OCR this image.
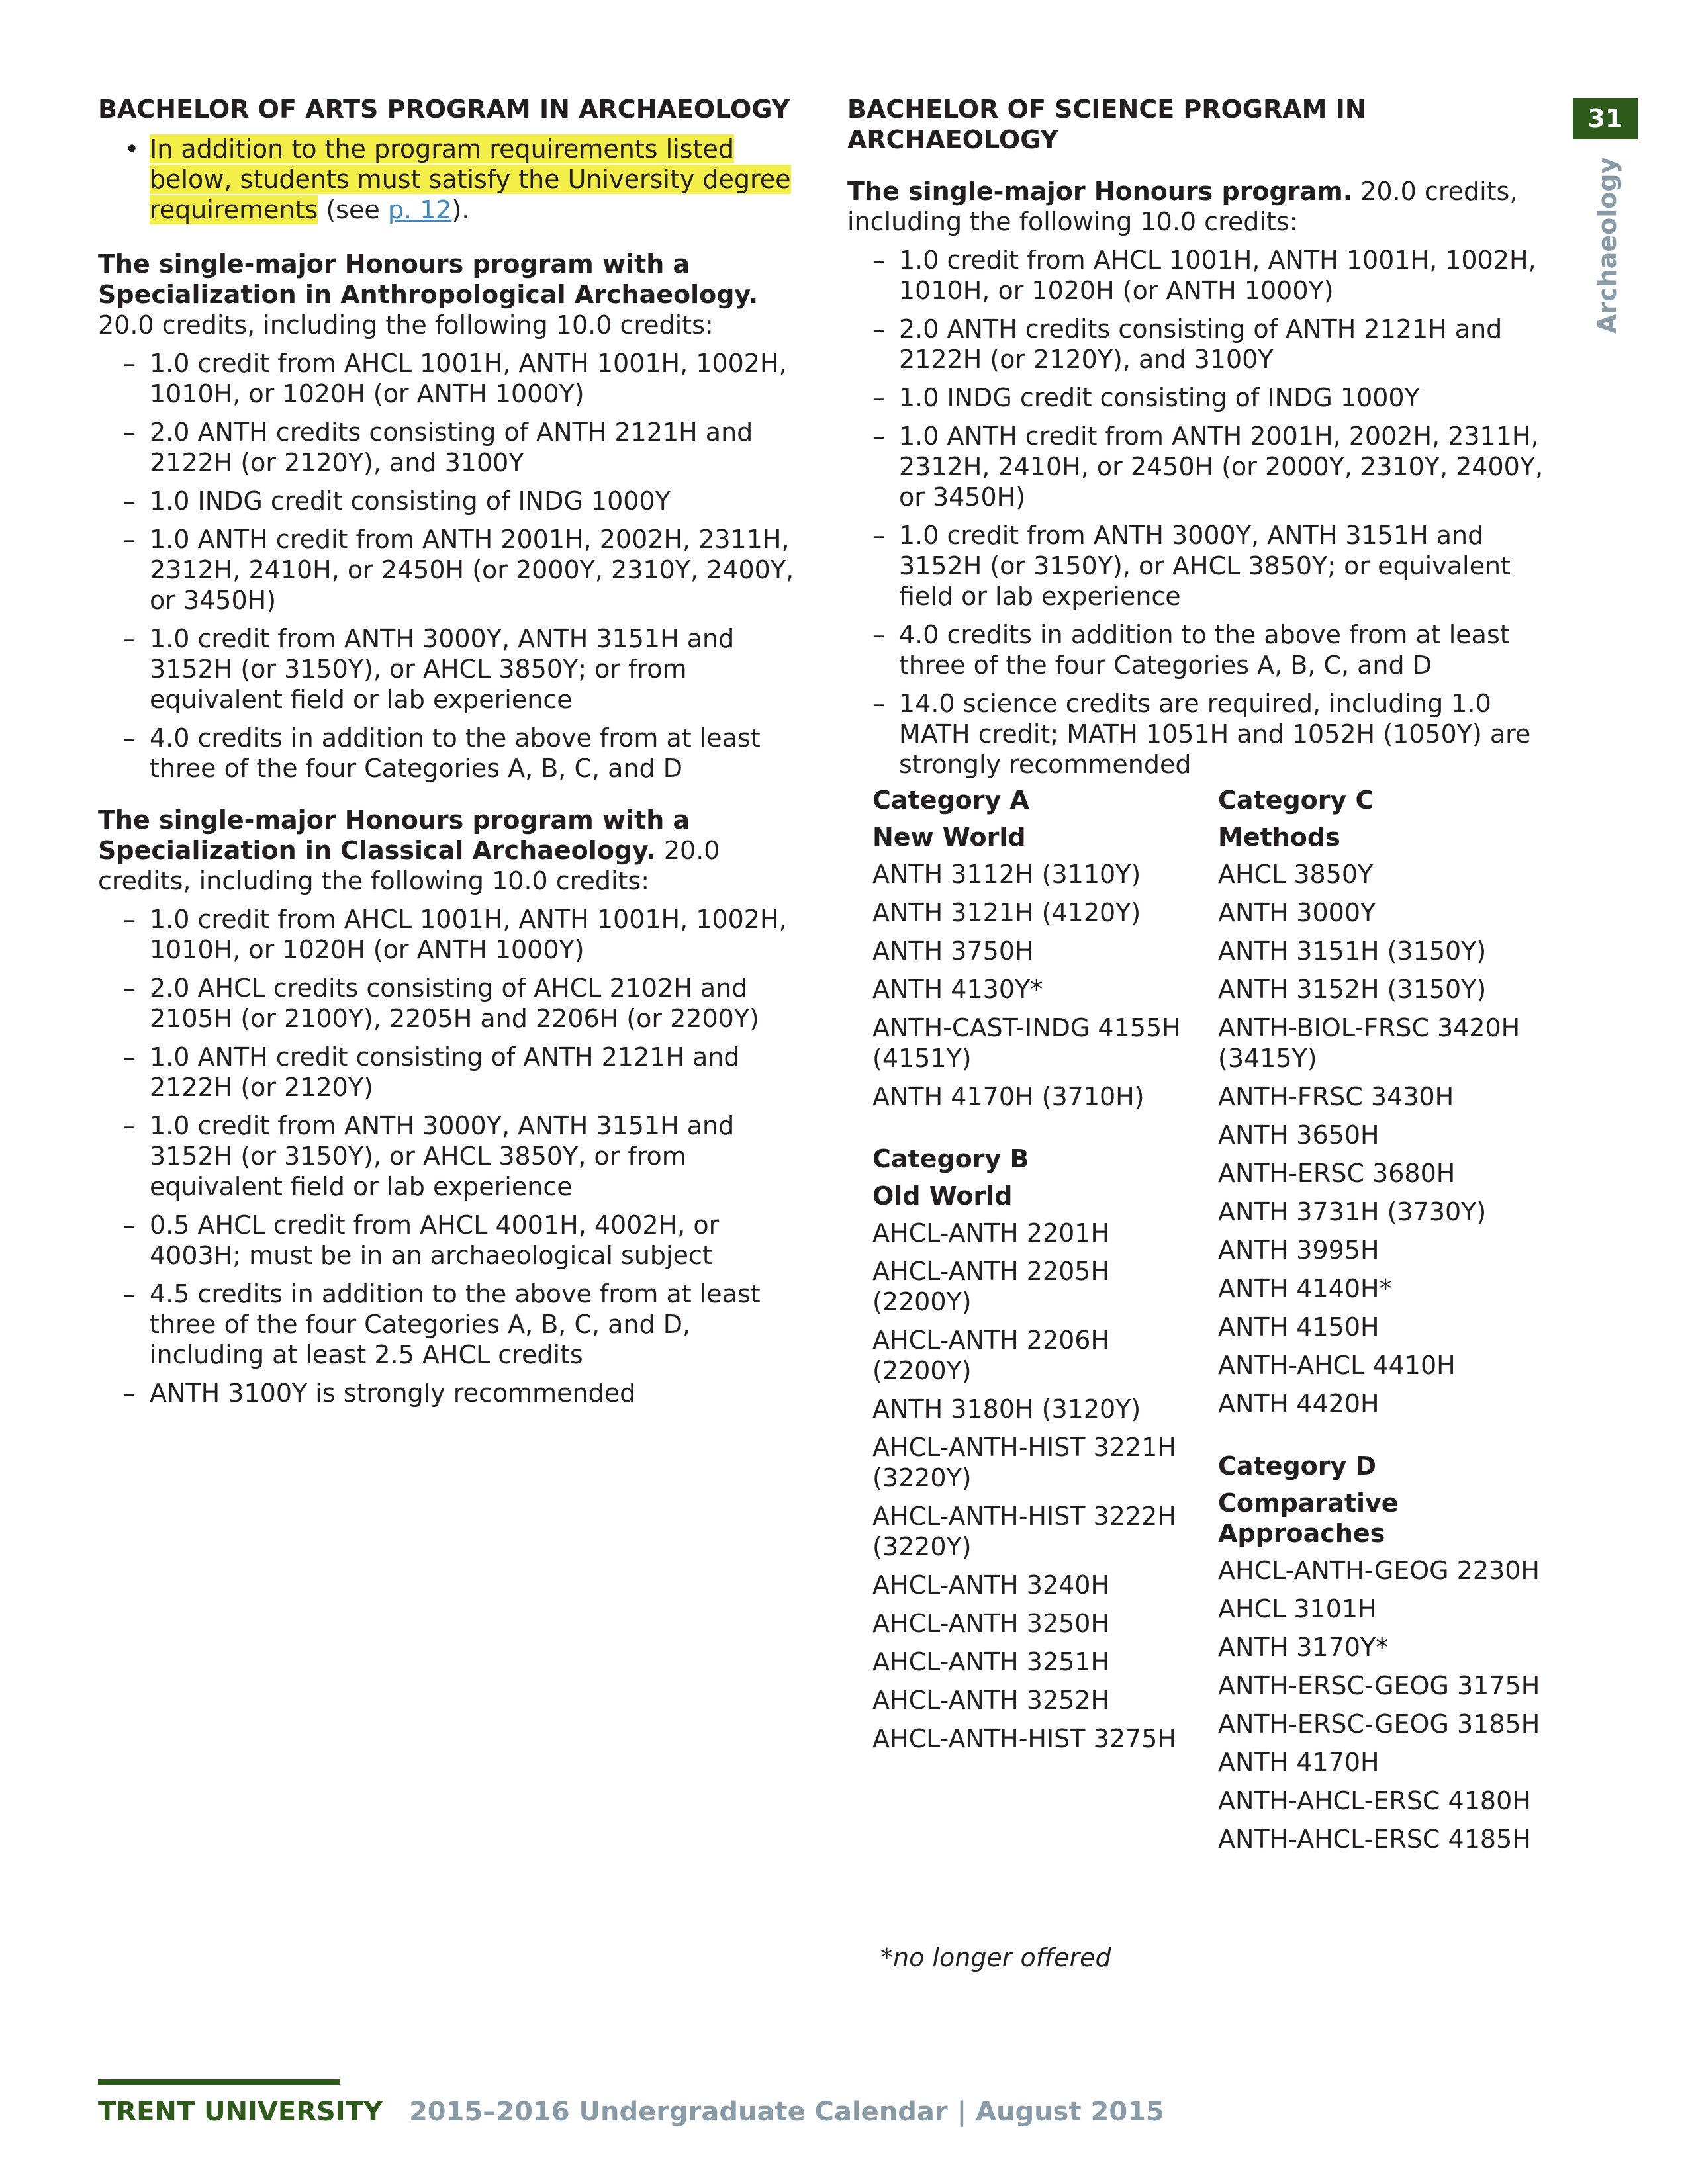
31
Archaeology
BACHELOR OF ARTS PROGRAM IN ARCHAEOLOGY

• In addition to the program requirements listed below, students must satisfy the University degree requirements (see p. 12).

The single-major Honours program with a Specialization in Anthropological Archaeology. 20.0 credits, including the following 10.0 credits:

– 1.0 credit from AHCL 1001H, ANTH 1001H, 1002H, 1010H, or 1020H (or ANTH 1000Y)
– 2.0 ANTH credits consisting of ANTH 2121H and 2122H (or 2120Y), and 3100Y
– 1.0 INDG credit consisting of INDG 1000Y
– 1.0 ANTH credit from ANTH 2001H, 2002H, 2311H, 2312H, 2410H, or 2450H (or 2000Y, 2310Y, 2400Y, or 3450H)
– 1.0 credit from ANTH 3000Y, ANTH 3151H and 3152H (or 3150Y), or AHCL 3850Y; or from equivalent field or lab experience
– 4.0 credits in addition to the above from at least three of the four Categories A, B, C, and D

The single-major Honours program with a Specialization in Classical Archaeology. 20.0 credits, including the following 10.0 credits:

– 1.0 credit from AHCL 1001H, ANTH 1001H, 1002H, 1010H, or 1020H (or ANTH 1000Y)
– 2.0 AHCL credits consisting of AHCL 2102H and 2105H (or 2100Y), 2205H and 2206H (or 2200Y)
– 1.0 ANTH credit consisting of ANTH 2121H and 2122H (or 2120Y)
– 1.0 credit from ANTH 3000Y, ANTH 3151H and 3152H (or 3150Y), or AHCL 3850Y, or from equivalent field or lab experience
– 0.5 AHCL credit from AHCL 4001H, 4002H, or 4003H; must be in an archaeological subject
– 4.5 credits in addition to the above from at least three of the four Categories A, B, C, and D, including at least 2.5 AHCL credits
– ANTH 3100Y is strongly recommended
BACHELOR OF SCIENCE PROGRAM IN ARCHAEOLOGY

The single-major Honours program. 20.0 credits, including the following 10.0 credits:

– 1.0 credit from AHCL 1001H, ANTH 1001H, 1002H, 1010H, or 1020H (or ANTH 1000Y)
– 2.0 ANTH credits consisting of ANTH 2121H and 2122H (or 2120Y), and 3100Y
– 1.0 INDG credit consisting of INDG 1000Y
– 1.0 ANTH credit from ANTH 2001H, 2002H, 2311H, 2312H, 2410H, or 2450H (or 2000Y, 2310Y, 2400Y, or 3450H)
– 1.0 credit from ANTH 3000Y, ANTH 3151H and 3152H (or 3150Y), or AHCL 3850Y; or equivalent field or lab experience
– 4.0 credits in addition to the above from at least three of the four Categories A, B, C, and D
– 14.0 science credits are required, including 1.0 MATH credit; MATH 1051H and 1052H (1050Y) are strongly recommended

Category A

New World

ANTH 3112H (3110Y)
ANTH 3121H (4120Y)
ANTH 3750H
ANTH 4130Y*
ANTH-CAST-INDG 4155H (4151Y)
ANTH 4170H (3710H)

Category B

Old World

AHCL-ANTH 2201H
AHCL-ANTH 2205H (2200Y)
AHCL-ANTH 2206H (2200Y)
ANTH 3180H (3120Y)
AHCL-ANTH-HIST 3221H (3220Y)
AHCL-ANTH-HIST 3222H (3220Y)
AHCL-ANTH 3240H
AHCL-ANTH 3250H
AHCL-ANTH 3251H
AHCL-ANTH 3252H
AHCL-ANTH-HIST 3275H

Category C

Methods

AHCL 3850Y
ANTH 3000Y
ANTH 3151H (3150Y)
ANTH 3152H (3150Y)
ANTH-BIOL-FRSC 3420H (3415Y)
ANTH-FRSC 3430H
ANTH 3650H
ANTH-ERSC 3680H
ANTH 3731H (3730Y)
ANTH 3995H
ANTH 4140H*
ANTH 4150H
ANTH-AHCL 4410H
ANTH 4420H

Category D

Comparative Approaches

AHCL-ANTH-GEOG 2230H
AHCL 3101H
ANTH 3170Y*
ANTH-ERSC-GEOG 3175H
ANTH-ERSC-GEOG 3185H
ANTH 4170H
ANTH-AHCL-ERSC 4180H
ANTH-AHCL-ERSC 4185H
*no longer offered
TRENT UNIVERSITY 2015–2016 Undergraduate Calendar | August 2015
